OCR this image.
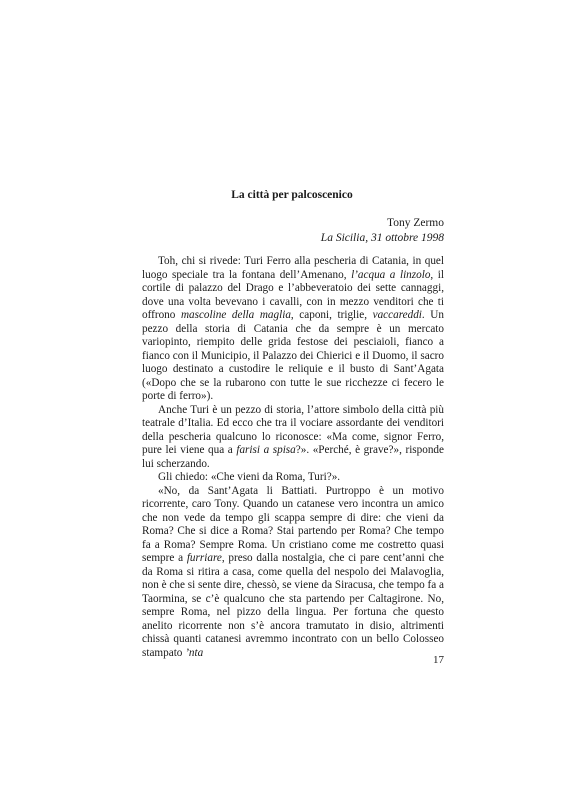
La città per palcoscenico
Tony Zermo
La Sicilia, 31 ottobre 1998

Toh, chi si rivede: Turi Ferro alla pescheria di Catania, in quel luogo speciale tra la fontana dell’Amenano, l’acqua a linzolo, il cortile di palazzo del Drago e l’abbeveratoio dei sette cannaggi, dove una volta bevevano i cavalli, con in mezzo venditori che ti offrono mascoline della maglia, caponi, triglie, vaccareddi. Un pezzo della storia di Catania che da sempre è un mercato variopinto, riempito delle grida festose dei pesciaioli, fianco a fianco con il Municipio, il Palazzo dei Chierici e il Duomo, il sacro luogo destinato a custodire le reliquie e il busto di Sant’Agata («Dopo che se la rubarono con tutte le sue ricchezze ci fecero le porte di ferro»).

Anche Turi è un pezzo di storia, l’attore simbolo della città più teatrale d’Italia. Ed ecco che tra il vociare assordante dei venditori della pescheria qualcuno lo riconosce: «Ma come, signor Ferro, pure lei viene qua a farisi a spisa?». «Perché, è grave?», risponde lui scherzando.

Gli chiedo: «Che vieni da Roma, Turi?».

«No, da Sant’Agata li Battiati. Purtroppo è un motivo ricorrente, caro Tony. Quando un catanese vero incontra un amico che non vede da tempo gli scappa sempre di dire: che vieni da Roma? Che si dice a Roma? Stai partendo per Roma? Che tempo fa a Roma? Sempre Roma. Un cristiano come me costretto quasi sempre a furriare, preso dalla nostalgia, che ci pare cent’anni che da Roma si ritira a casa, come quella del nespolo dei Malavoglia, non è che si sente dire, chessò, se viene da Siracusa, che tempo fa a Taormina, se c’è qualcuno che sta partendo per Caltagirone. No, sempre Roma, nel pizzo della lingua. Per fortuna che questo anelito ricorrente non s’è ancora tramutato in disio, altrimenti chissà quanti catanesi avremmo incontrato con un bello Colosseo stampato ’nta

17
